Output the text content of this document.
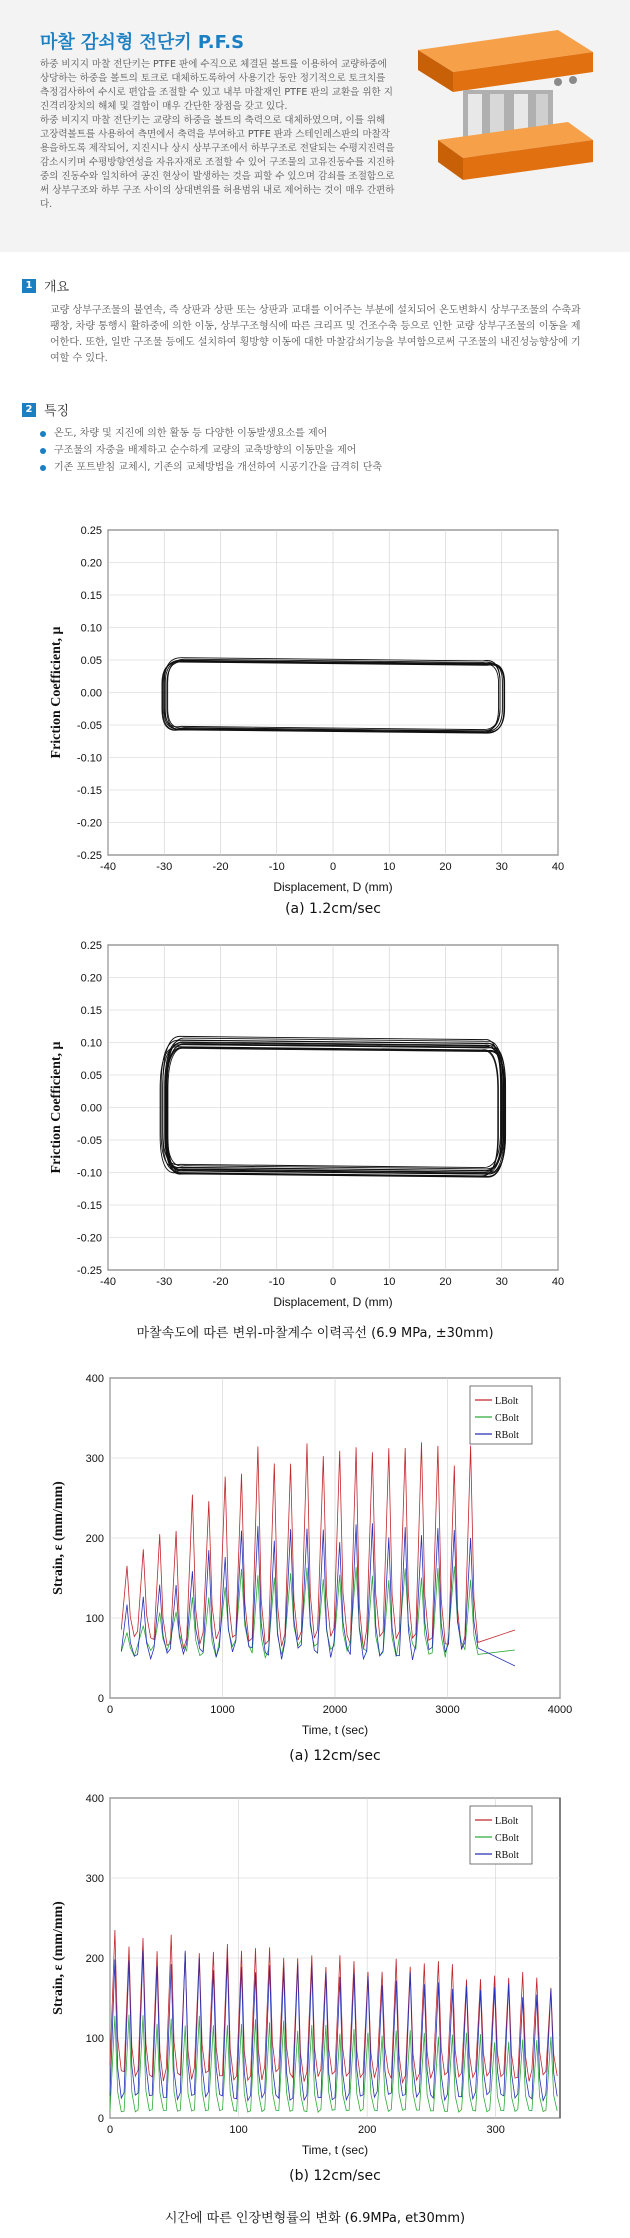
마찰 감쇠형 전단키 P.F.S

하중 비지지 마찰 전단키는 PTFE 판에 수직으로 체결된 볼트를 이용하여 교량하중에 상당하는 하중을 볼트의 토크로 대체하도록하여 사용기간 동안 정기적으로 토크치를 측정검사하여 수시로 편압을 조절할 수 있고 내부 마찰재인 PTFE 판의 교환을 위한 지진격리장치의 해체 및 결합이 매우 간단한 장점을 갖고 있다.

하중 비지지 마찰 전단키는 교량의 하중을 볼트의 축력으로 대체하였으며, 이를 위해 고장력볼트를 사용하여 측면에서 축력을 부여하고 PTFE 판과 스테인레스판의 마찰작용을하도록 제작되어, 지진시나 상시 상부구조에서 하부구조로 전달되는 수평지진력을 감소시키며 수평방향연성을 자유자재로 조절할 수 있어 구조물의 고유진동수를 지진하중의 진동수와 일치하여 공진 현상이 발생하는 것을 피할 수 있으며 감쇠를 조절함으로써 상부구조와 하부 구조 사이의 상대변위를 허용범위 내로 제어하는 것이 매우 간편하다.

1 개요
교량 상부구조물의 불연속, 즉 상판과 상판 또는 상판과 교대를 이어주는 부분에 설치되어 온도변화시 상부구조물의 수축과 팽창, 차량 통행시 활하중에 의한 이동, 상부구조형식에 따른 크리프 및 건조수축 등으로 인한 교량 상부구조물의 이동을 제어한다. 또한, 일반 구조물 등에도 설치하여 횡방향 이동에 대한 마찰감쇠기능을 부여함으로써 구조물의 내진성능향상에 기여할 수 있다.
2 특징
온도, 차량 및 지진에 의한 활동 등 다양한 이동발생요소를 제어
구조물의 자중을 배제하고 순수하게 교량의 교축방향의 이동만을 제어
기존 포트받침 교체시, 기존의 교체방법을 개선하여 시공기간을 급격히 단축
-40	-30	-20	-10	0	10	20	30	40
-0.25
-0.20
-0.15
-0.10
-0.05
0.00
0.05
0.10
0.15
0.20
0.25
Displacement, D (mm)
Friction Coefficient, μ
(a) 1.2cm/sec
-40	-30	-20	-10	0	10	20	30	40
-0.25
-0.20
-0.15
-0.10
-0.05
0.00
0.05
0.10
0.15
0.20
0.25
Displacement, D (mm)
Friction Coefficient, μ
마찰속도에 따른 변위-마찰계수 이력곡선 (6.9 MPa, ±30mm)
0	1000	2000	3000	4000
0
100
200
300
400
Time, t (sec)
Strain, ε (mm/mm)
LBolt
CBolt
RBolt
(a) 12cm/sec
0	100	200	300
0
100
200
300
400
Time, t (sec)
Strain, ε (mm/mm)
LBolt
CBolt
RBolt
(b) 12cm/sec
시간에 따른 인장변형률의 변화 (6.9MPa, et30mm)
